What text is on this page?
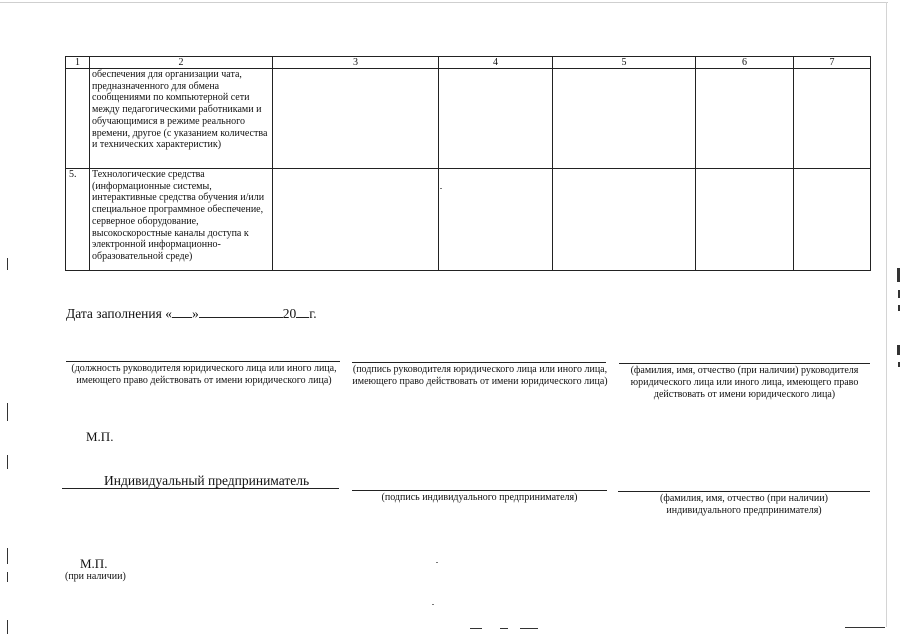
1	2	3	4	5	6	7
	обеспечения для организации чата, предназначенного для обмена сообщениями по компьютерной сети между педагогическими работниками и обучающимися в режиме реального времени, другое (с указанием количества и технических характеристик)					
5.	Технологические средства (информационные системы, интерактивные средства обучения и/или специальное программное обеспечение, серверное оборудование, высокоскоростные каналы доступа к электронной информационно-образовательной среде)					
Дата заполнения « »	20 г.
(должность руководителя юридического лица или иного лица, имеющего право действовать от имени юридического лица)
(подпись руководителя юридического лица или иного лица, имеющего право действовать от имени юридического лица)
(фамилия, имя, отчество (при наличии) руководителя юридического лица или иного лица, имеющего право действовать от имени юридического лица)
М.П.
Индивидуальный предприниматель
(подпись индивидуального предпринимателя)	(фамилия, имя, отчество (при наличии) индивидуального предпринимателя)
М.П.
(при наличии)
